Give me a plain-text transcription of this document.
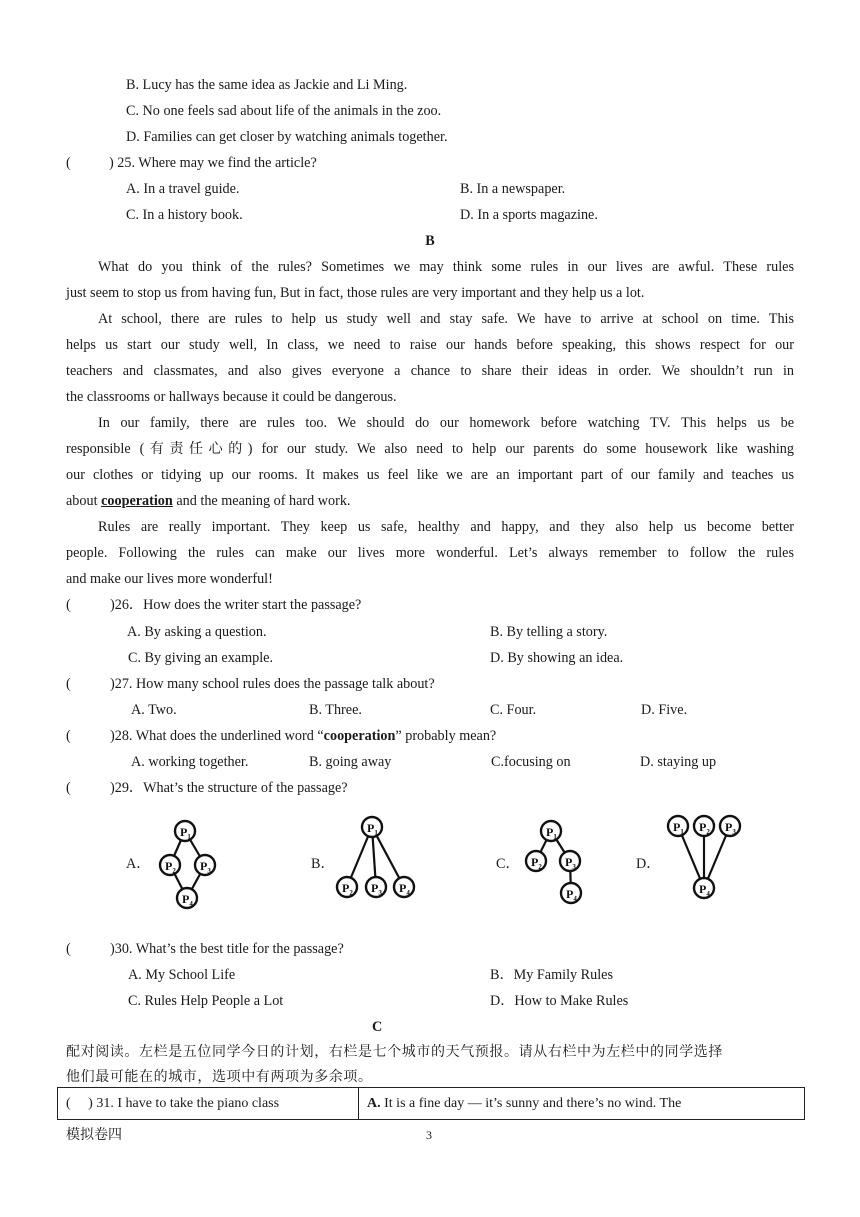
B. Lucy has the same idea as Jackie and Li Ming.
C. No one feels sad about life of the animals in the zoo.
D. Families can get closer by watching animals together.
(	) 25. Where may we find the article?
A. In a travel guide.	B. In a newspaper.
C. In a history book.	D. In a sports magazine.
B
What do you think of the rules? Sometimes we may think some rules in our lives are awful. These rules
just seem to stop us from having fun, But in fact, those rules are very important and they help us a lot.
At school, there are rules to help us study well and stay safe. We have to arrive at school on time. This
helps us start our study well, In class, we need to raise our hands before speaking, this shows respect for our
teachers and classmates, and also gives everyone a chance to share their ideas in order. We shouldn’t run in
the classrooms or hallways because it could be dangerous.
In our family, there are rules too. We should do our homework before watching TV. This helps us be
responsible (有责任心的) for our study. We also need to help our parents do some housework like washing
our clothes or tidying up our rooms. It makes us feel like we are an important part of our family and teaches us
about cooperation and the meaning of hard work.
Rules are really important. They keep us safe, healthy and happy, and they also help us become better
people. Following the rules can make our lives more wonderful. Let’s always remember to follow the rules
and make our lives more wonderful!
(	)26．How does the writer start the passage?
A. By asking a question.	B. By telling a story.
C. By giving an example.	D. By showing an idea.
(	)27. How many school rules does the passage talk about?
A. Two.	B. Three.	C. Four.	D. Five.
(	)28. What does the underlined word “cooperation” probably mean?
A. working together.	B. going away	C.focusing on	D. staying up
(	)29．What’s the structure of the passage?
A．	B．	C．	D．
$P_1$
$P_2$ $P_3$
$P_4$
$P_1$
$P_2$ $P_3$ $P_4$
$P_1$
$P_2$ $P_3$
$P_4$
$P_1$ $P_2$ $P_3$
$P_4$
(	)30. What’s the best title for the passage?
A. My School Life	B．My Family Rules
C. Rules Help People a Lot	D．How to Make Rules
C
配对阅读。左栏是五位同学今日的计划，右栏是七个城市的天气预报。请从右栏中为左栏中的同学选择
他们最可能在的城市，选项中有两项为多余项。
( ) 31. I have to take the piano class	A. It is a fine day — it’s sunny and there’s no wind. The
模拟卷四	3
